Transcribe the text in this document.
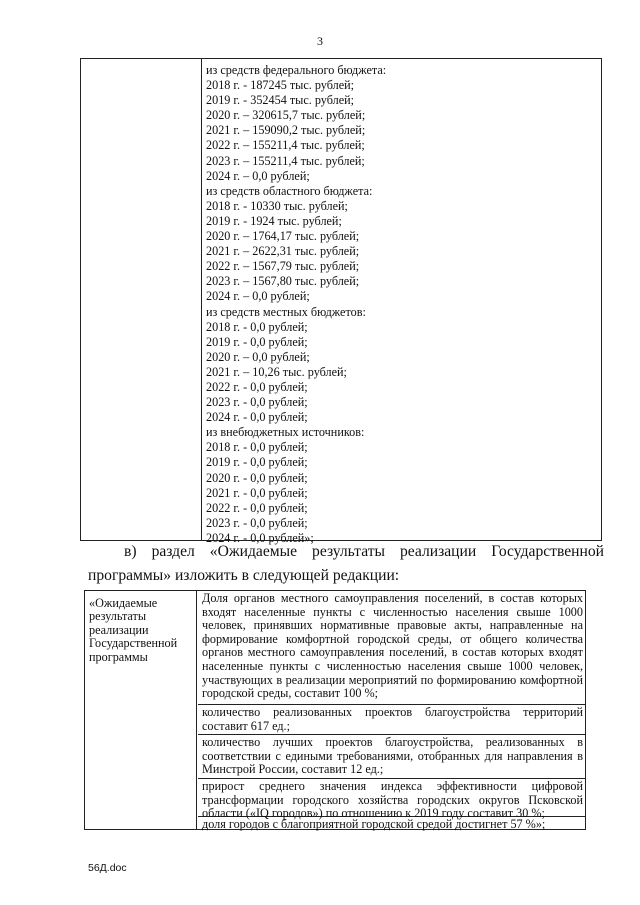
3
из средств федерального бюджета:
2018 г. - 187245 тыс. рублей;
2019 г. - 352454 тыс. рублей;
2020 г. – 320615,7 тыс. рублей;
2021 г. – 159090,2 тыс. рублей;
2022 г. – 155211,4 тыс. рублей;
2023 г. – 155211,4 тыс. рублей;
2024 г. – 0,0 рублей;
из средств областного бюджета:
2018 г. - 10330 тыс. рублей;
2019 г. - 1924 тыс. рублей;
2020 г. – 1764,17 тыс. рублей;
2021 г. – 2622,31 тыс. рублей;
2022 г. – 1567,79 тыс. рублей;
2023 г. – 1567,80 тыс. рублей;
2024 г. – 0,0 рублей;
из средств местных бюджетов:
2018 г. - 0,0 рублей;
2019 г. - 0,0 рублей;
2020 г. – 0,0 рублей;
2021 г. – 10,26 тыс. рублей;
2022 г. - 0,0 рублей;
2023 г. - 0,0 рублей;
2024 г. - 0,0 рублей;
из внебюджетных источников:
2018 г. - 0,0 рублей;
2019 г. - 0,0 рублей;
2020 г. - 0,0 рублей;
2021 г. - 0,0 рублей;
2022 г. - 0,0 рублей;
2023 г. - 0,0 рублей;
2024 г. - 0,0 рублей»;
в) раздел «Ожидаемые результаты реализации Государственной
программы» изложить в следующей редакции:
«Ожидаемые результаты реализации Государственной программы
Доля органов местного самоуправления поселений, в состав которых входят населенные пункты с численностью населения свыше 1000 человек, принявших нормативные правовые акты, направленные на формирование комфортной городской среды, от общего количества органов местного самоуправления поселений, в состав которых входят населенные пункты с численностью населения свыше 1000 человек, участвующих в реализации мероприятий по формированию комфортной городской среды, составит 100 %;
количество реализованных проектов благоустройства территорий составит 617 ед.;
количество лучших проектов благоустройства, реализованных в соответствии с едиными требованиями, отобранных для направления в Минстрой России, составит 12 ед.;
прирост среднего значения индекса эффективности цифровой трансформации городского хозяйства городских округов Псковской области («IQ городов») по отношению к 2019 году составит 30 %;
доля городов с благоприятной городской средой достигнет 57 %»;
56Д.doc
